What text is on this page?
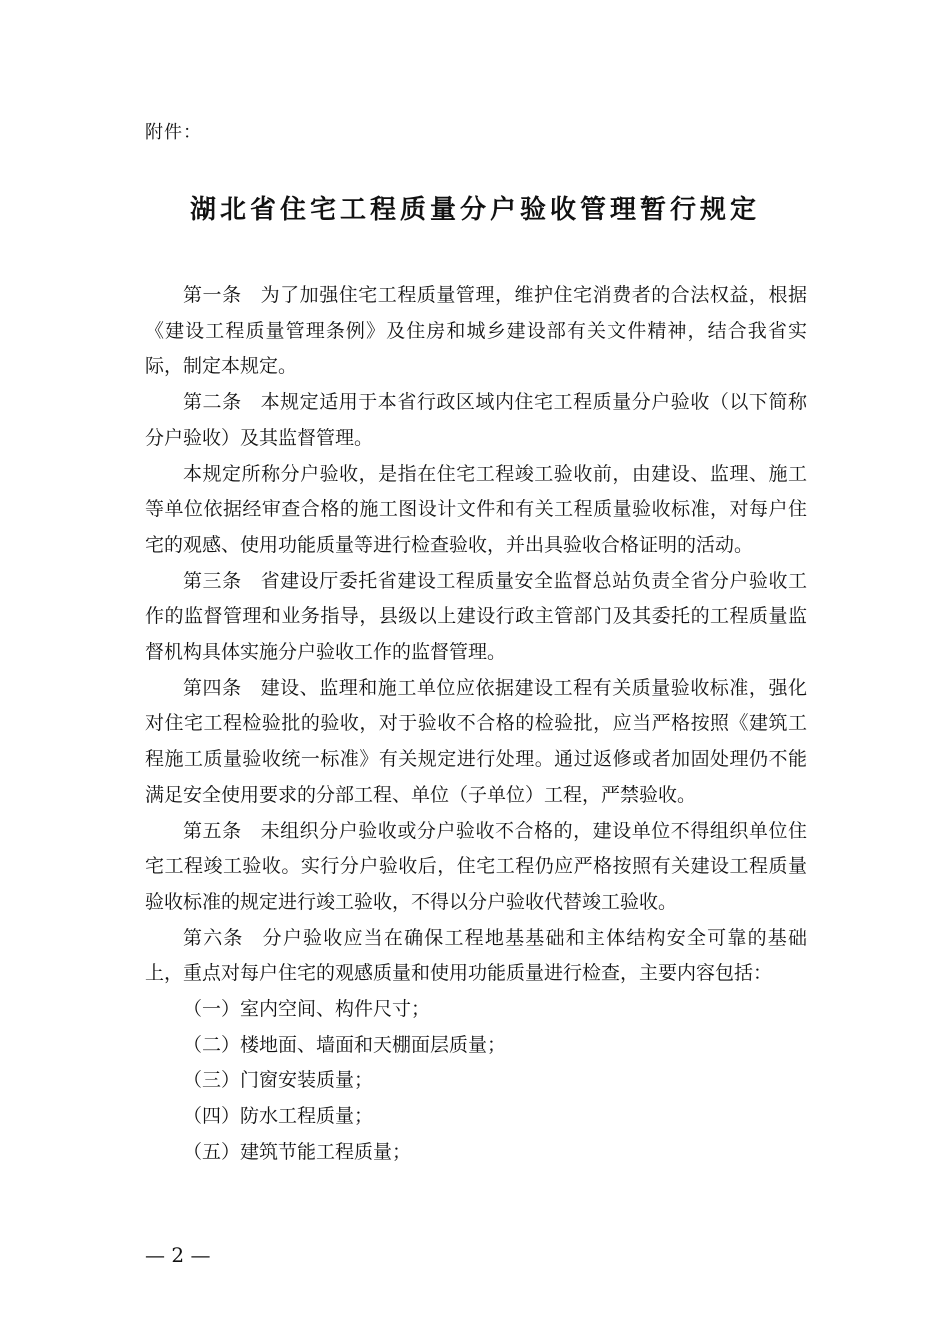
附件：
湖北省住宅工程质量分户验收管理暂行规定

第一条 为了加强住宅工程质量管理，维护住宅消费者的合法权益，根据《建设工程质量管理条例》及住房和城乡建设部有关文件精神，结合我省实际，制定本规定。

第二条 本规定适用于本省行政区域内住宅工程质量分户验收（以下简称分户验收）及其监督管理。

本规定所称分户验收，是指在住宅工程竣工验收前，由建设、监理、施工等单位依据经审查合格的施工图设计文件和有关工程质量验收标准，对每户住宅的观感、使用功能质量等进行检查验收，并出具验收合格证明的活动。

第三条 省建设厅委托省建设工程质量安全监督总站负责全省分户验收工作的监督管理和业务指导，县级以上建设行政主管部门及其委托的工程质量监督机构具体实施分户验收工作的监督管理。

第四条 建设、监理和施工单位应依据建设工程有关质量验收标准，强化对住宅工程检验批的验收，对于验收不合格的检验批，应当严格按照《建筑工程施工质量验收统一标准》有关规定进行处理。通过返修或者加固处理仍不能满足安全使用要求的分部工程、单位（子单位）工程，严禁验收。

第五条 未组织分户验收或分户验收不合格的，建设单位不得组织单位住宅工程竣工验收。实行分户验收后，住宅工程仍应严格按照有关建设工程质量验收标准的规定进行竣工验收，不得以分户验收代替竣工验收。

第六条 分户验收应当在确保工程地基基础和主体结构安全可靠的基础上，重点对每户住宅的观感质量和使用功能质量进行检查，主要内容包括：

（一）室内空间、构件尺寸；

（二）楼地面、墙面和天棚面层质量；

（三）门窗安装质量；

（四）防水工程质量；

（五）建筑节能工程质量；

— 2 —
